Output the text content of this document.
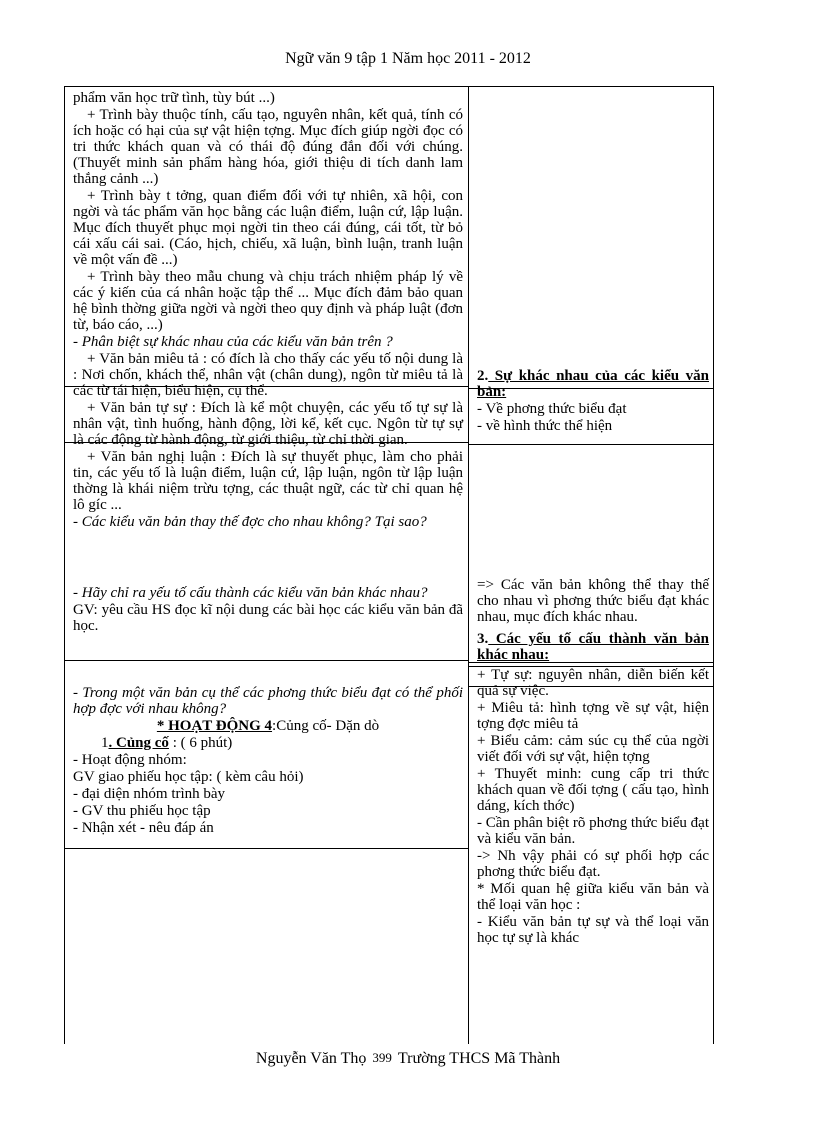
Ngữ văn 9 tập 1 Năm học 2011 - 2012

phẩm văn học trữ tình, tùy bút ...)

+ Trình bày thuộc tính, cấu tạo, nguyên nhân, kết quả, tính có ích hoặc có hại của sự vật hiện tợng. Mục đích giúp ngời đọc có tri thức khách quan và có thái độ đúng đắn đối với chúng. (Thuyết minh sản phẩm hàng hóa, giới thiệu di tích danh lam thắng cảnh ...)

+ Trình bày t tởng, quan điểm đối với tự nhiên, xã hội, con ngời và tác phẩm văn học bằng các luận điểm, luận cứ, lập luận. Mục đích thuyết phục mọi ngời tin theo cái đúng, cái tốt, từ bỏ cái xấu cái sai. (Cáo, hịch, chiếu, xã luận, bình luận, tranh luận về một vấn đề ...)

+ Trình bày theo mẫu chung và chịu trách nhiệm pháp lý về các ý kiến của cá nhân hoặc tập thể ... Mục đích đảm bảo quan hệ bình thờng giữa ngời và ngời theo quy định và pháp luật (đơn từ, báo cáo, ...)

- Phân biệt sự khác nhau của các kiểu văn bản trên ?

+ Văn bản miêu tả : có đích là cho thấy các yếu tố nội dung là : Nơi chốn, khách thể, nhân vật (chân dung), ngôn từ miêu tả là các từ tái hiện, biểu hiện, cụ thể.

+ Văn bản tự sự : Đích là kể một chuyện, các yếu tố tự sự là nhân vật, tình huống, hành động, lời kể, kết cục. Ngôn từ tự sự là các động từ hành động, từ giới thiệu, từ chỉ thời gian.

+ Văn bản nghị luận : Đích là sự thuyết phục, làm cho phải tin, các yếu tố là luận điểm, luận cứ, lập luận, ngôn từ lập luận thờng là khái niệm trừu tợng, các thuật ngữ, các từ chỉ quan hệ lô gíc ...

- Các kiểu văn bản thay thế đợc cho nhau không? Tại sao?

- Hãy chỉ ra yếu tố cấu thành các kiểu văn bản khác nhau?

GV: yêu cầu HS đọc kĩ nội dung các bài học các kiểu văn bản đã học.

- Trong một văn bản cụ thể các phơng thức biểu đạt có thể phối hợp đợc với nhau không?

* HOẠT ĐỘNG 4:Củng cố- Dặn dò

1. Củng cố : ( 6 phút)

- Hoạt động nhóm:

GV giao phiếu học tập: ( kèm câu hỏi)

- đại diện nhóm trình bày

- GV thu phiếu học tập

- Nhận xét - nêu đáp án

2. Sự khác nhau của các kiểu văn bản:

- Về phơng thức biểu đạt

- về hình thức thể hiện

=> Các văn bản không thể thay thế cho nhau vì phơng thức biểu đạt khác nhau, mục đích khác nhau.

3. Các yếu tố cấu thành văn bản khác nhau:

+ Tự sự: nguyên nhân, diễn biến kết quả sự việc.

+ Miêu tả: hình tợng về sự vật, hiện tợng đợc miêu tả

+ Biểu cảm: cảm súc cụ thể của ngời viết đối với sự vật, hiện tợng

+ Thuyết minh: cung cấp tri thức khách quan về đối tợng ( cấu tạo, hình dáng, kích thớc)

- Cần phân biệt rõ phơng thức biểu đạt và kiểu văn bản.

-> Nh vậy phải có sự phối hợp các phơng thức biểu đạt.

* Mối quan hệ giữa kiểu văn bản và thể loại văn học :

- Kiểu văn bản tự sự và thể loại văn học tự sự là khác

Nguyễn Văn Thọ $^{399}$ Trường THCS Mã Thành
